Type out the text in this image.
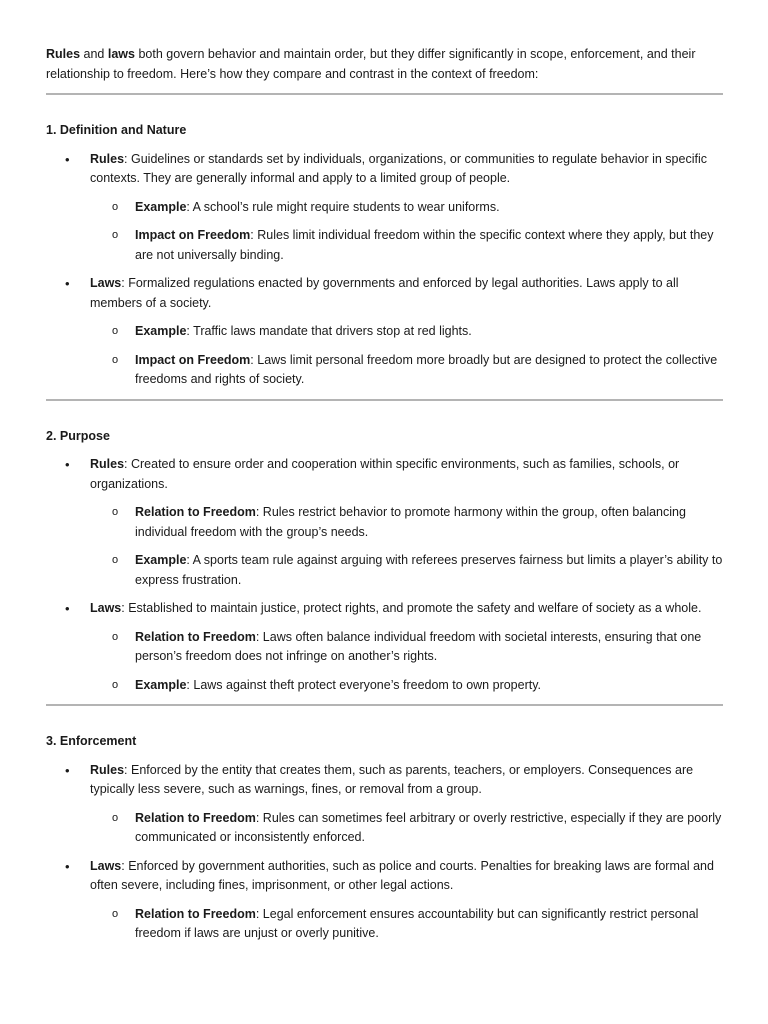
Rules and laws both govern behavior and maintain order, but they differ significantly in scope, enforcement, and their relationship to freedom. Here’s how they compare and contrast in the context of freedom:

1. Definition and Nature

• Rules: Guidelines or standards set by individuals, organizations, or communities to regulate behavior in specific contexts. They are generally informal and apply to a limited group of people.
o Example: A school’s rule might require students to wear uniforms.
o Impact on Freedom: Rules limit individual freedom within the specific context where they apply, but they are not universally binding.
• Laws: Formalized regulations enacted by governments and enforced by legal authorities. Laws apply to all members of a society.
o Example: Traffic laws mandate that drivers stop at red lights.
o Impact on Freedom: Laws limit personal freedom more broadly but are designed to protect the collective freedoms and rights of society.

2. Purpose

• Rules: Created to ensure order and cooperation within specific environments, such as families, schools, or organizations.
o Relation to Freedom: Rules restrict behavior to promote harmony within the group, often balancing individual freedom with the group’s needs.
o Example: A sports team rule against arguing with referees preserves fairness but limits a player’s ability to express frustration.
• Laws: Established to maintain justice, protect rights, and promote the safety and welfare of society as a whole.
o Relation to Freedom: Laws often balance individual freedom with societal interests, ensuring that one person’s freedom does not infringe on another’s rights.
o Example: Laws against theft protect everyone’s freedom to own property.

3. Enforcement

• Rules: Enforced by the entity that creates them, such as parents, teachers, or employers. Consequences are typically less severe, such as warnings, fines, or removal from a group.
o Relation to Freedom: Rules can sometimes feel arbitrary or overly restrictive, especially if they are poorly communicated or inconsistently enforced.
• Laws: Enforced by government authorities, such as police and courts. Penalties for breaking laws are formal and often severe, including fines, imprisonment, or other legal actions.
o Relation to Freedom: Legal enforcement ensures accountability but can significantly restrict personal freedom if laws are unjust or overly punitive.
